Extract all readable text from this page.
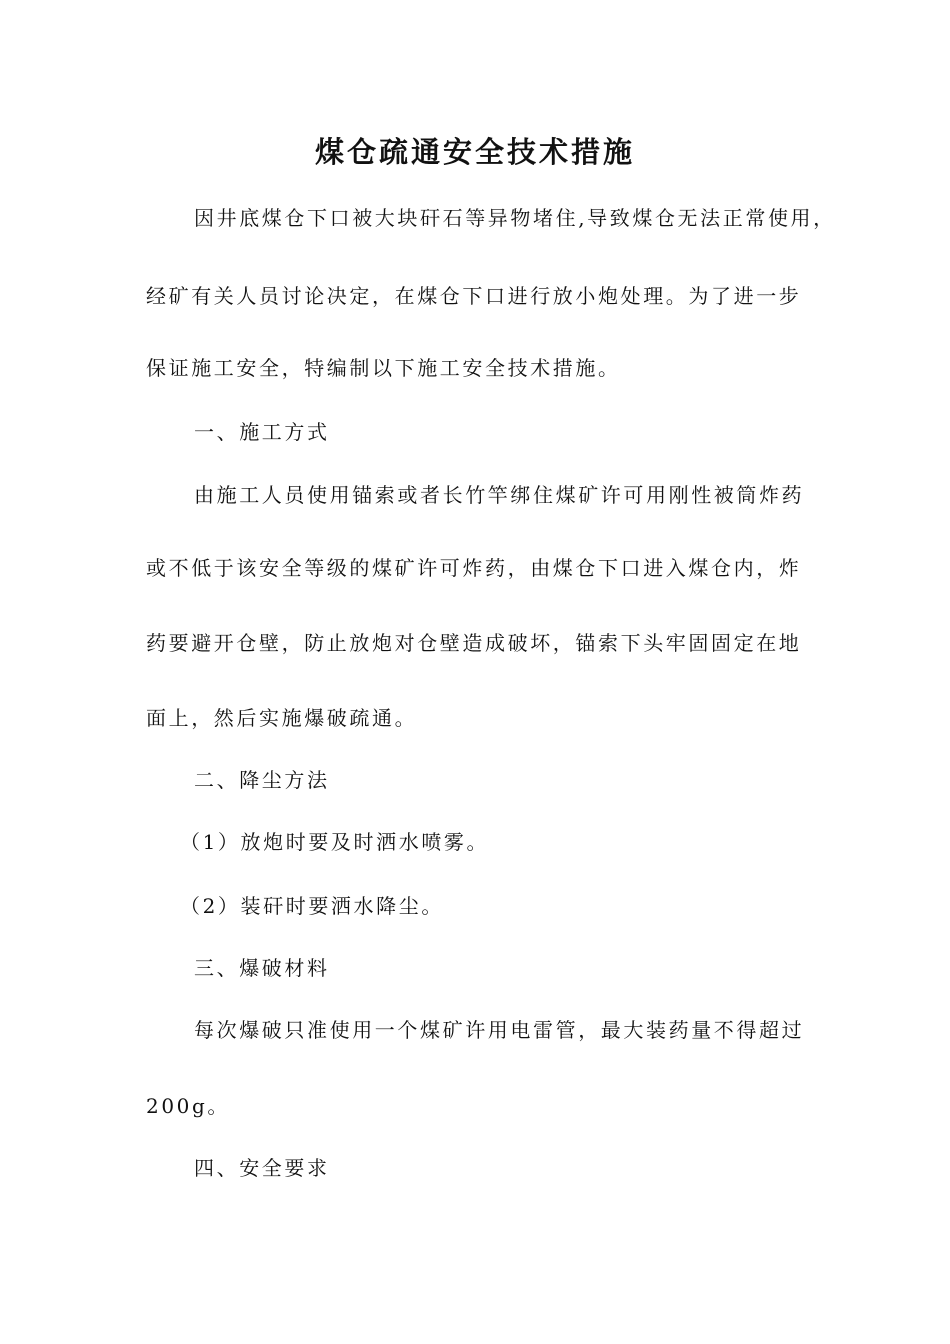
煤仓疏通安全技术措施
因井底煤仓下口被大块矸石等异物堵住,导致煤仓无法正常使用，
经矿有关人员讨论决定，在煤仓下口进行放小炮处理。为了进一步
保证施工安全，特编制以下施工安全技术措施。
一、施工方式
由施工人员使用锚索或者长竹竿绑住煤矿许可用刚性被筒炸药
或不低于该安全等级的煤矿许可炸药，由煤仓下口进入煤仓内，炸
药要避开仓壁，防止放炮对仓壁造成破坏，锚索下头牢固固定在地
面上，然后实施爆破疏通。
二、降尘方法
（1）放炮时要及时洒水喷雾。
（2）装矸时要洒水降尘。
三、爆破材料
每次爆破只准使用一个煤矿许用电雷管，最大装药量不得超过
200g。
四、安全要求
